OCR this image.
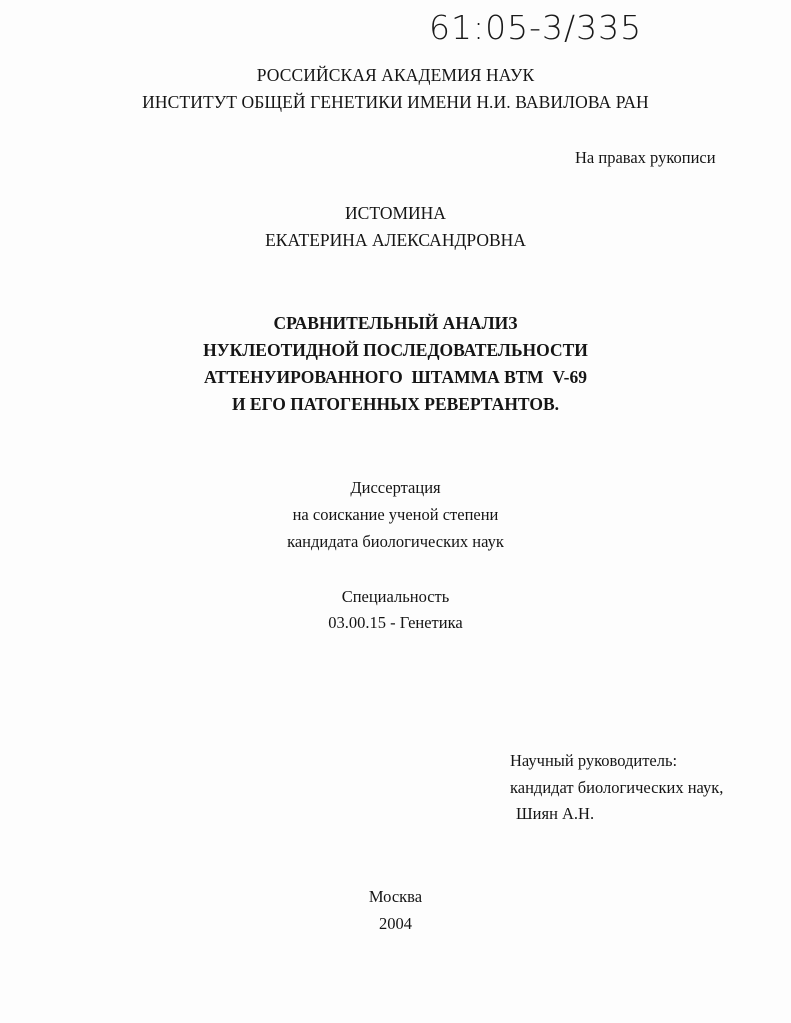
61:05-3/335
РОССИЙСКАЯ АКАДЕМИЯ НАУК
ИНСТИТУТ ОБЩЕЙ ГЕНЕТИКИ ИМЕНИ Н.И. ВАВИЛОВА РАН
На правах рукописи
ИСТОМИНА
ЕКАТЕРИНА АЛЕКСАНДРОВНА
СРАВНИТЕЛЬНЫЙ АНАЛИЗ
НУКЛЕОТИДНОЙ ПОСЛЕДОВАТЕЛЬНОСТИ
АТТЕНУИРОВАННОГО  ШТАММА ВТМ  V-69
И ЕГО ПАТОГЕННЫХ РЕВЕРТАНТОВ.
Диссертация
на соискание ученой степени
кандидата биологических наук
Специальность
03.00.15 - Генетика
Научный руководитель:
кандидат биологических наук,
Шиян А.Н.
Москва
2004
